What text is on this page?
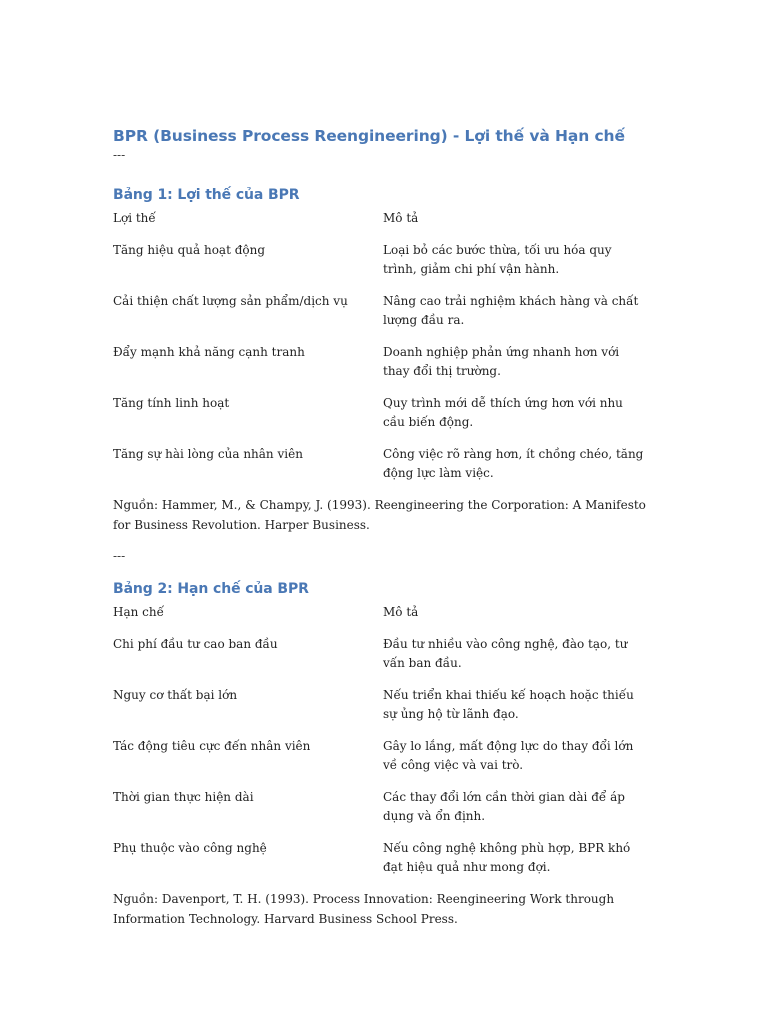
BPR (Business Process Reengineering) - Lợi thế và Hạn chế

---

Bảng 1: Lợi thế của BPR
Lợi thế	Mô tả
Tăng hiệu quả hoạt động	Loại bỏ các bước thừa, tối ưu hóa quy trình, giảm chi phí vận hành.
Cải thiện chất lượng sản phẩm/dịch vụ	Nâng cao trải nghiệm khách hàng và chất lượng đầu ra.
Đẩy mạnh khả năng cạnh tranh	Doanh nghiệp phản ứng nhanh hơn với thay đổi thị trường.
Tăng tính linh hoạt	Quy trình mới dễ thích ứng hơn với nhu cầu biến động.
Tăng sự hài lòng của nhân viên	Công việc rõ ràng hơn, ít chồng chéo, tăng động lực làm việc.

Nguồn: Hammer, M., & Champy, J. (1993). Reengineering the Corporation: A Manifesto for Business Revolution. Harper Business.

---

Bảng 2: Hạn chế của BPR
Hạn chế	Mô tả
Chi phí đầu tư cao ban đầu	Đầu tư nhiều vào công nghệ, đào tạo, tư vấn ban đầu.
Nguy cơ thất bại lớn	Nếu triển khai thiếu kế hoạch hoặc thiếu sự ủng hộ từ lãnh đạo.
Tác động tiêu cực đến nhân viên	Gây lo lắng, mất động lực do thay đổi lớn về công việc và vai trò.
Thời gian thực hiện dài	Các thay đổi lớn cần thời gian dài để áp dụng và ổn định.
Phụ thuộc vào công nghệ	Nếu công nghệ không phù hợp, BPR khó đạt hiệu quả như mong đợi.

Nguồn: Davenport, T. H. (1993). Process Innovation: Reengineering Work through Information Technology. Harvard Business School Press.
